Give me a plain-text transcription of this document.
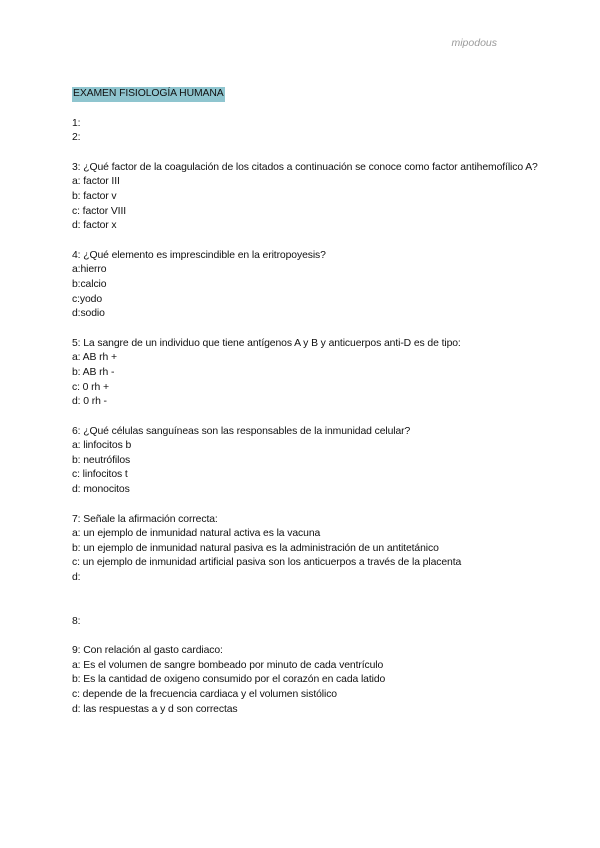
mipodous
EXAMEN FISIOLOGÍA HUMANA
1:
2:
3: ¿Qué factor de la coagulación de los citados a continuación se conoce como factor antihemofílico A?
a: factor III
b: factor v
c: factor VIII
d: factor x
4: ¿Qué elemento es imprescindible en la eritropoyesis?
a:hierro
b:calcio
c:yodo
d:sodio
5: La sangre de un individuo que tiene antígenos A y B y anticuerpos anti-D es de tipo:
a: AB rh +
b: AB rh -
c: 0 rh +
d: 0 rh -
6: ¿Qué células sanguíneas son las responsables de la inmunidad celular?
a: linfocitos b
b: neutrófilos
c: linfocitos t
d: monocitos
7: Señale la afirmación correcta:
a: un ejemplo de inmunidad natural activa es la vacuna
b: un ejemplo de inmunidad natural pasiva es la administración de un antitetánico
c: un ejemplo de inmunidad artificial pasiva son los anticuerpos a través de la placenta
d:
8:
9: Con relación al gasto cardiaco:
a: Es el volumen de sangre bombeado por minuto de cada ventrículo
b: Es la cantidad de oxigeno consumido por el corazón en cada latido
c: depende de la frecuencia cardiaca y el volumen sistólico
d: las respuestas a y d son correctas
